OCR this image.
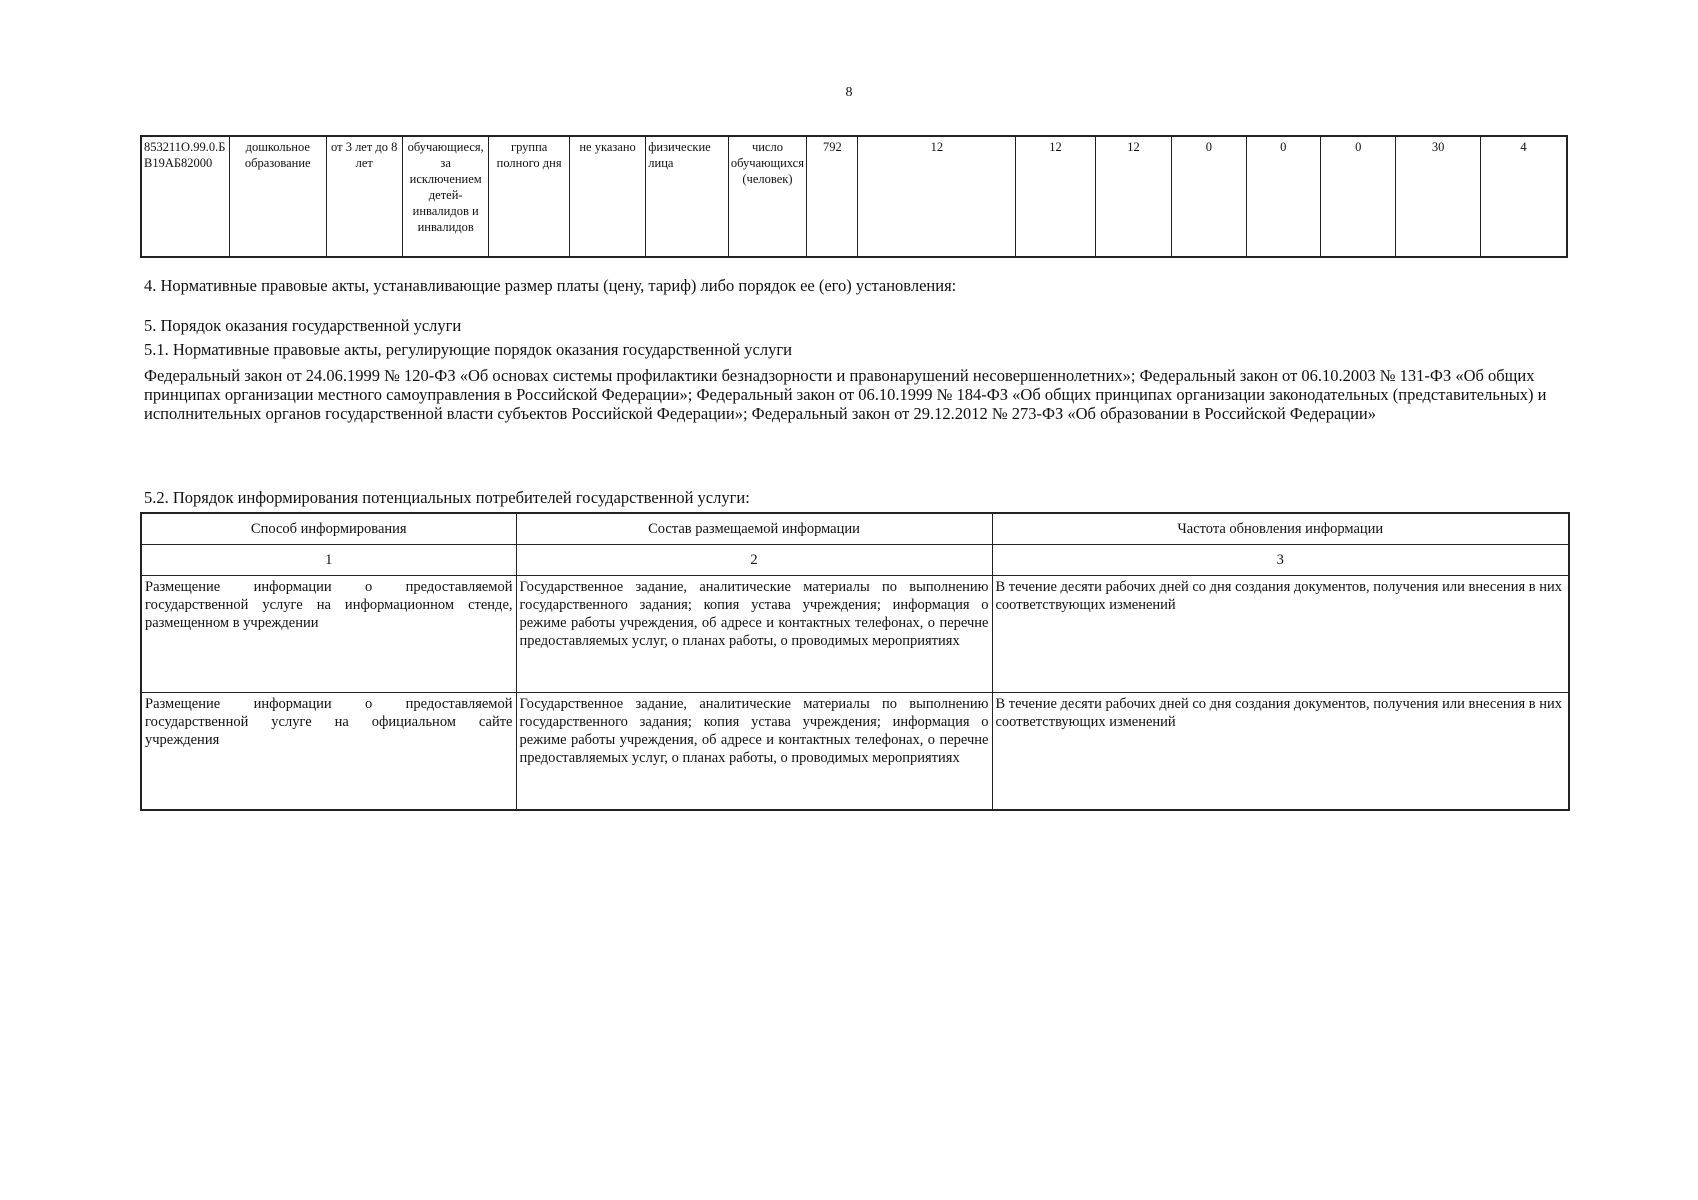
8
853211О.99.0.БВ19АБ82000	дошкольное образование	от 3 лет до 8 лет	обучающиеся, за исключением детей-инвалидов и инвалидов	группа полного дня	не указано	физические лица	число обучающихся (человек)	792	12	12	12	0	0	0	30	4
4. Нормативные правовые акты, устанавливающие размер платы (цену, тариф) либо порядок ее (его) установления:
5. Порядок оказания государственной услуги
5.1. Нормативные правовые акты, регулирующие порядок оказания государственной услуги
Федеральный закон от 24.06.1999 № 120-ФЗ «Об основах системы профилактики безнадзорности и правонарушений несовершеннолетних»; Федеральный закон от 06.10.2003 № 131-ФЗ «Об общих принципах организации местного самоуправления в Российской Федерации»; Федеральный закон от 06.10.1999 № 184-ФЗ «Об общих принципах организации законодательных (представительных) и исполнительных органов государственной власти субъектов Российской Федерации»; Федеральный закон от 29.12.2012 № 273-ФЗ «Об образовании в Российской Федерации»
5.2. Порядок информирования потенциальных потребителей государственной услуги:
Способ информирования	Состав размещаемой информации	Частота обновления информации
1	2	3
Размещение информации о предоставляемой государственной услуге на информационном стенде, размещенном в учреждении	Государственное задание, аналитические материалы по выполнению государственного задания; копия устава учреждения; информация о режиме работы учреждения, об адресе и контактных телефонах, о перечне предоставляемых услуг, о планах работы, о проводимых мероприятиях	В течение десяти рабочих дней со дня создания документов, получения или внесения в них соответствующих изменений
Размещение информации о предоставляемой государственной услуге на официальном сайте учреждения	Государственное задание, аналитические материалы по выполнению государственного задания; копия устава учреждения; информация о режиме работы учреждения, об адресе и контактных телефонах, о перечне предоставляемых услуг, о планах работы, о проводимых мероприятиях	В течение десяти рабочих дней со дня создания документов, получения или внесения в них соответствующих изменений
